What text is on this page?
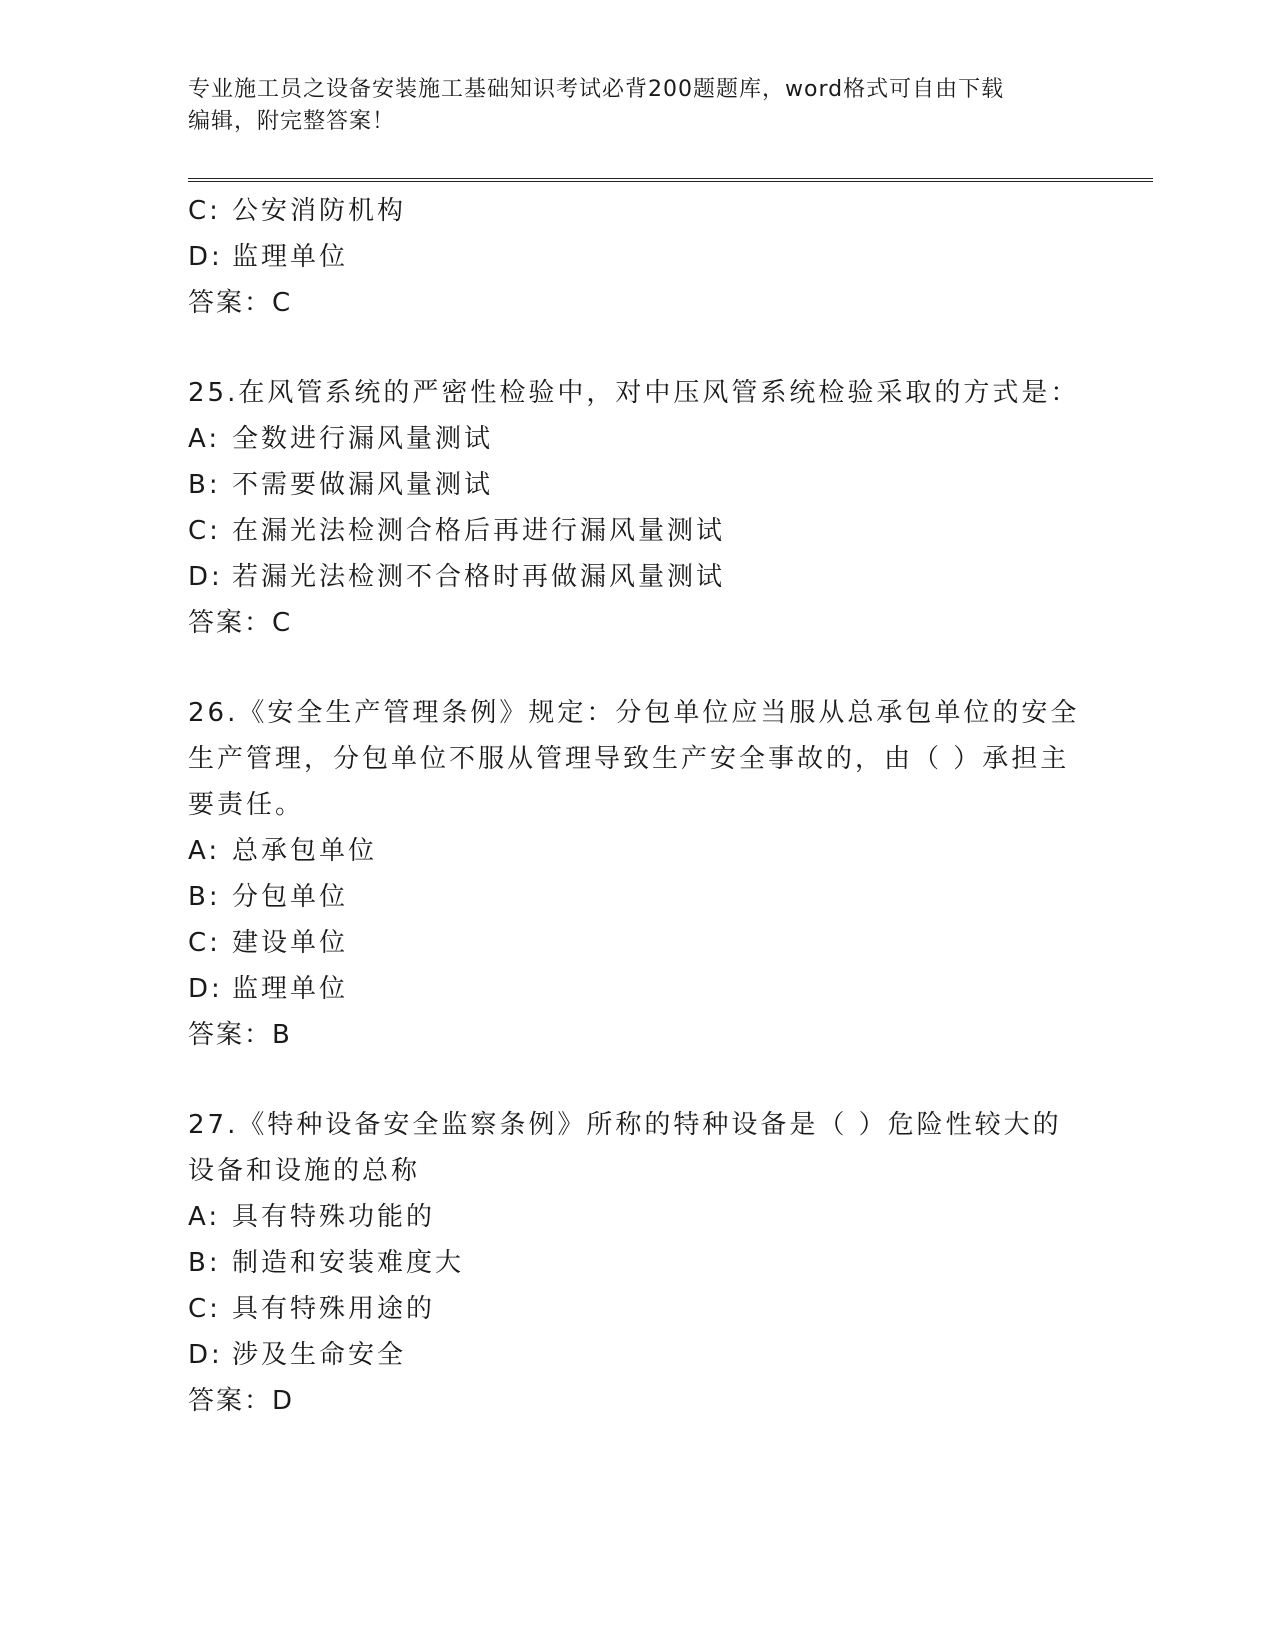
专业施工员之设备安装施工基础知识考试必背200题题库，word格式可自由下载
编辑，附完整答案！
C: 公安消防机构
D: 监理单位
答案：C
25.在风管系统的严密性检验中，对中压风管系统检验采取的方式是：
A: 全数进行漏风量测试
B: 不需要做漏风量测试
C: 在漏光法检测合格后再进行漏风量测试
D: 若漏光法检测不合格时再做漏风量测试
答案：C
26.《安全生产管理条例》规定：分包单位应当服从总承包单位的安全
生产管理，分包单位不服从管理导致生产安全事故的，由（ ）承担主
要责任。
A: 总承包单位
B: 分包单位
C: 建设单位
D: 监理单位
答案：B
27.《特种设备安全监察条例》所称的特种设备是（ ）危险性较大的
设备和设施的总称
A: 具有特殊功能的
B: 制造和安装难度大
C: 具有特殊用途的
D: 涉及生命安全
答案：D
